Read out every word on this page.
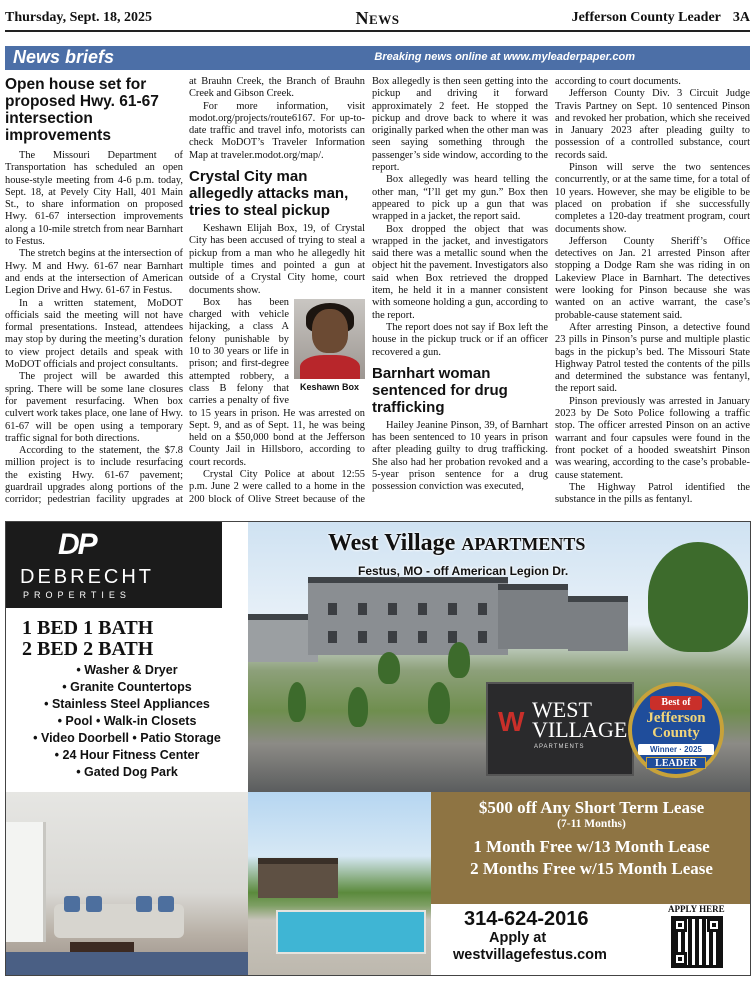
Thursday, Sept. 18, 2025	News	Jefferson County Leader 3A
News briefs	Breaking news online at www.myleaderpaper.com
Open house set for proposed Hwy. 61-67 intersection improvements

The Missouri Department of Transportation has scheduled an open house-style meeting from 4-6 p.m. today, Sept. 18, at Pevely City Hall, 401 Main St., to share information on proposed Hwy. 61-67 intersection improvements along a 10-mile stretch from near Barnhart to Festus.

The stretch begins at the intersection of Hwy. M and Hwy. 61-67 near Barnhart and ends at the intersection of American Legion Drive and Hwy. 61-67 in Festus.

In a written statement, MoDOT officials said the meeting will not have formal presentations. Instead, attendees may stop by during the meeting’s duration to view project details and speak with MoDOT officials and project consultants.

The project will be awarded this spring. There will be some lane closures for pavement resurfacing. When box culvert work takes place, one lane of Hwy. 61-67 will be open using a temporary traffic signal for both directions.

According to the statement, the $7.8 million project is to include resurfacing the existing Hwy. 61-67 pavement; guardrail upgrades along portions of the corridor; pedestrian facility upgrades at

at Brauhn Creek, the Branch of Brauhn Creek and Gibson Creek.

For more information, visit modot.org/projects/route6167. For up-to-date traffic and travel info, motorists can check MoDOT’s Traveler Information Map at traveler.modot.org/map/.

Crystal City man allegedly attacks man, tries to steal pickup

Keshawn Elijah Box, 19, of Crystal City has been accused of trying to steal a pickup from a man who he allegedly hit multiple times and pointed a gun at outside of a Crystal City home, court documents show.

Keshawn Box

Box has been charged with vehicle hijacking, a class A felony punishable by 10 to 30 years or life in prison; and first-degree attempted robbery, a class B felony that carries a penalty of five to 15 years in prison. He was arrested on Sept. 9, and as of Sept. 11, he was being held on a $50,000 bond at the Jefferson County Jail in Hillsboro, according to court records.

Crystal City Police at about 12:55 p.m. June 2 were called to a home in the 200 block of Olive Street because of the

Box allegedly is then seen getting into the pickup and driving it forward approximately 2 feet. He stopped the pickup and drove back to where it was originally parked when the other man was seen saying something through the passenger’s side window, according to the report.

Box allegedly was heard telling the other man, “I’ll get my gun.” Box then appeared to pick up a gun that was wrapped in a jacket, the report said.

Box dropped the object that was wrapped in the jacket, and investigators said there was a metallic sound when the object hit the pavement. Investigators also said when Box retrieved the dropped item, he held it in a manner consistent with someone holding a gun, according to the report.

The report does not say if Box left the house in the pickup truck or if an officer recovered a gun.

Barnhart woman sentenced for drug trafficking

Hailey Jeanine Pinson, 39, of Barnhart has been sentenced to 10 years in prison after pleading guilty to drug trafficking. She also had her probation revoked and a 5-year prison sentence for a drug possession conviction was executed,

according to court documents.

Jefferson County Div. 3 Circuit Judge Travis Partney on Sept. 10 sentenced Pinson and revoked her probation, which she received in January 2023 after pleading guilty to possession of a controlled substance, court records said.

Pinson will serve the two sentences concurrently, or at the same time, for a total of 10 years. However, she may be eligible to be placed on probation if she successfully completes a 120-day treatment program, court documents show.

Jefferson County Sheriff’s Office detectives on Jan. 21 arrested Pinson after stopping a Dodge Ram she was riding in on Lakeview Place in Barnhart. The detectives were looking for Pinson because she was wanted on an active warrant, the case’s probable-cause statement said.

After arresting Pinson, a detective found 23 pills in Pinson’s purse and multiple plastic bags in the pickup’s bed. The Missouri State Highway Patrol tested the contents of the pills and determined the substance was fentanyl, the report said.

Pinson previously was arrested in January 2023 by De Soto Police following a traffic stop. The officer arrested Pinson on an active warrant and four capsules were found in the front pocket of a hooded sweatshirt Pinson was wearing, according to the case’s probable-cause statement.

The Highway Patrol identified the substance in the pills as fentanyl.

DP
DEBRECHT
PROPERTIES
1 BED 1 BATH
2 BED 2 BATH
• Washer & Dryer
• Granite Countertops
• Stainless Steel Appliances
• Pool • Walk-in Closets
• Video Doorbell • Patio Storage
• 24 Hour Fitness Center
• Gated Dog Park
West Village APARTMENTS
Festus, MO - off American Legion Dr.
W WEST VILLAGE
APARTMENTS
Best of
Jefferson County
Winner · 2025
LEADER
$500 off Any Short Term Lease
(7-11 Months)
1 Month Free w/13 Month Lease
2 Months Free w/15 Month Lease
314-624-2016
Apply at
westvillagefestus.com
APPLY HERE
